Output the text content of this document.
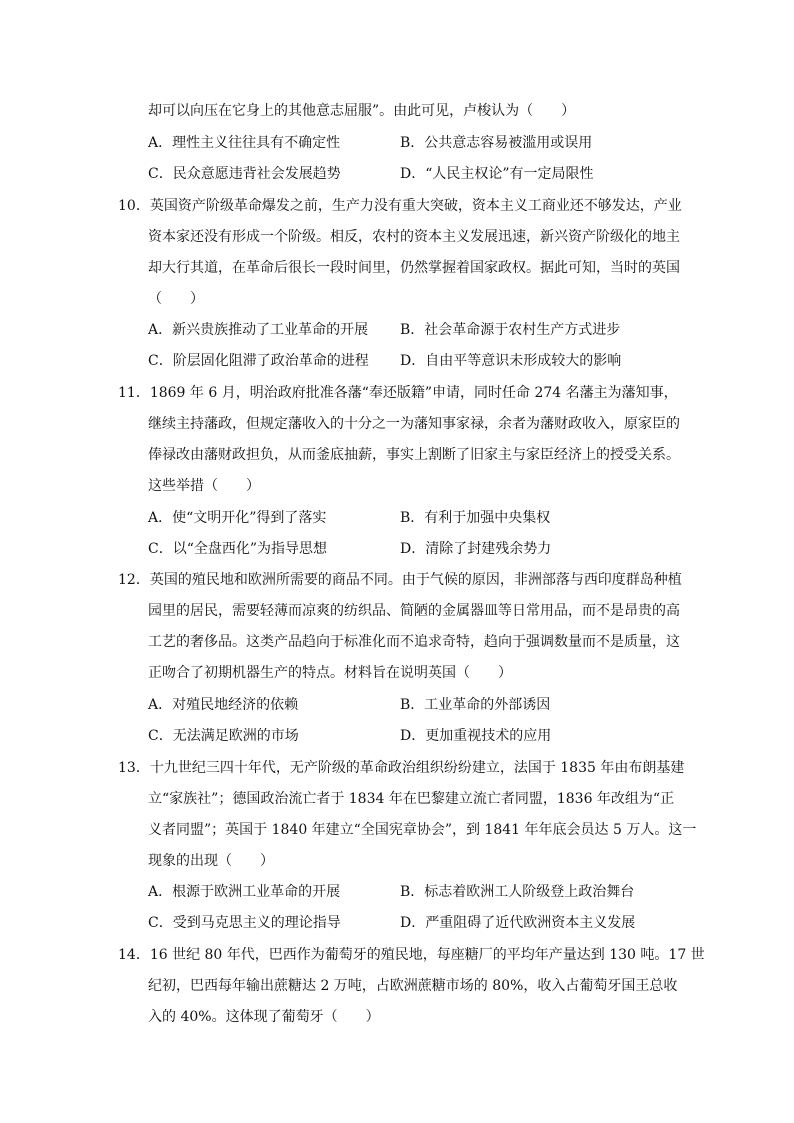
却可以向压在它身上的其他意志屈服”。由此可见，卢梭认为（　　）
A．理性主义往往具有不确定性	B．公共意志容易被滥用或误用
C．民众意愿违背社会发展趋势	D．“人民主权论”有一定局限性
10．英国资产阶级革命爆发之前，生产力没有重大突破，资本主义工商业还不够发达，产业
资本家还没有形成一个阶级。相反，农村的资本主义发展迅速，新兴资产阶级化的地主
却大行其道，在革命后很长一段时间里，仍然掌握着国家政权。据此可知，当时的英国
（　　）
A．新兴贵族推动了工业革命的开展 B．社会革命源于农村生产方式进步
C．阶层固化阻滞了政治革命的进程 D．自由平等意识未形成较大的影响
11．1869 年 6 月，明治政府批准各藩“奉还版籍”申请，同时任命 274 名藩主为藩知事，
继续主持藩政，但规定藩收入的十分之一为藩知事家禄，余者为藩财政收入，原家臣的
俸禄改由藩财政担负，从而釜底抽薪，事实上割断了旧家主与家臣经济上的授受关系。
这些举措（　　）
A．使“文明开化”得到了落实	B．有利于加强中央集权
C．以“全盘西化”为指导思想	D．清除了封建残余势力
12．英国的殖民地和欧洲所需要的商品不同。由于气候的原因，非洲部落与西印度群岛种植
园里的居民，需要轻薄而凉爽的纺织品、简陋的金属器皿等日常用品，而不是昂贵的高
工艺的奢侈品。这类产品趋向于标准化而不追求奇特，趋向于强调数量而不是质量，这
正吻合了初期机器生产的特点。材料旨在说明英国（　　）
A．对殖民地经济的依赖	B．工业革命的外部诱因
C．无法满足欧洲的市场	D．更加重视技术的应用
13．十九世纪三四十年代，无产阶级的革命政治组织纷纷建立，法国于 1835 年由布朗基建
立“家族社”；德国政治流亡者于 1834 年在巴黎建立流亡者同盟，1836 年改组为“正
义者同盟”；英国于 1840 年建立“全国宪章协会”，到 1841 年年底会员达 5 万人。这一
现象的出现（　　）
A．根源于欧洲工业革命的开展	B．标志着欧洲工人阶级登上政治舞台
C．受到马克思主义的理论指导	D．严重阻碍了近代欧洲资本主义发展
14．16 世纪 80 年代，巴西作为葡萄牙的殖民地，每座糖厂的平均年产量达到 130 吨。17 世
纪初，巴西每年输出蔗糖达 2 万吨，占欧洲蔗糖市场的 80%，收入占葡萄牙国王总收
入的 40%。这体现了葡萄牙（　　）
